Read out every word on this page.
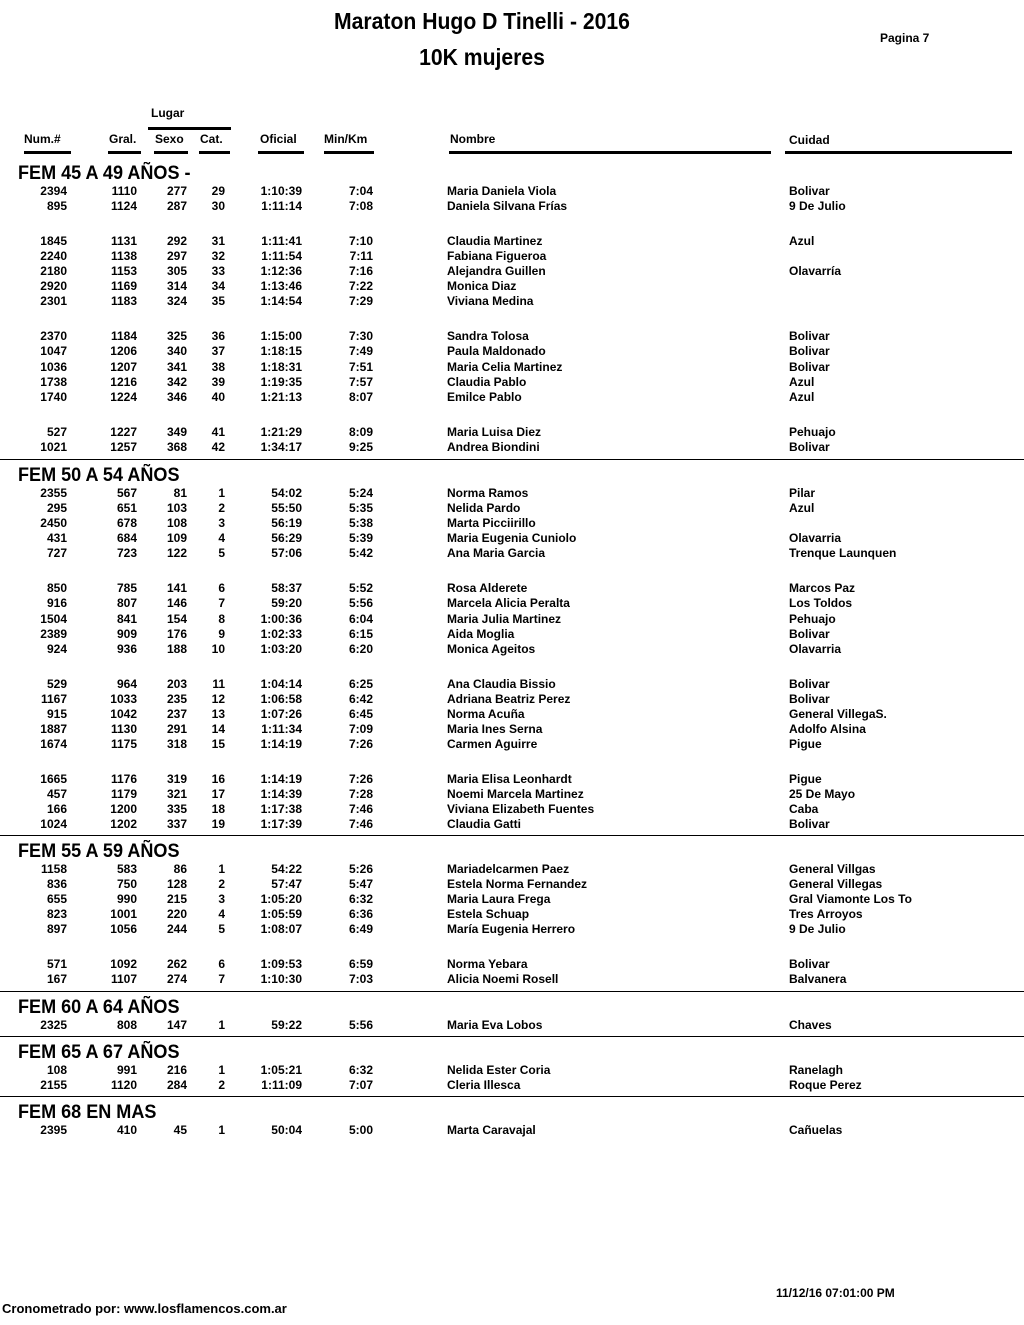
Maraton Hugo D Tinelli - 2016
10K mujeres
Pagina 7
Lugar
Num.#	Gral. Sexo Cat.	Oficial Min/Km	Nombre	Cuidad
FEM 45 A 49 AÑOS -
2394	1110	277	29	1:10:39	7:04	Maria Daniela Viola	Bolivar
895	1124	287	30	1:11:14	7:08	Daniela Silvana Frías	9 De Julio
1845	1131	292	31	1:11:41	7:10	Claudia Martinez	Azul
2240	1138	297	32	1:11:54	7:11	Fabiana Figueroa
2180	1153	305	33	1:12:36	7:16	Alejandra Guillen	Olavarría
2920	1169	314	34	1:13:46	7:22	Monica Diaz
2301	1183	324	35	1:14:54	7:29	Viviana Medina
2370	1184	325	36	1:15:00	7:30	Sandra Tolosa	Bolivar
1047	1206	340	37	1:18:15	7:49	Paula Maldonado	Bolivar
1036	1207	341	38	1:18:31	7:51	Maria Celia Martinez	Bolivar
1738	1216	342	39	1:19:35	7:57	Claudia Pablo	Azul
1740	1224	346	40	1:21:13	8:07	Emilce Pablo	Azul
527	1227	349	41	1:21:29	8:09	Maria Luisa Diez	Pehuajo
1021	1257	368	42	1:34:17	9:25	Andrea Biondini	Bolivar
FEM 50 A 54 AÑOS
2355	567	81	1	54:02	5:24	Norma Ramos	Pilar
295	651	103	2	55:50	5:35	Nelida Pardo	Azul
2450	678	108	3	56:19	5:38	Marta Picciirillo
431	684	109	4	56:29	5:39	Maria Eugenia Cuniolo	Olavarria
727	723	122	5	57:06	5:42	Ana Maria Garcia	Trenque Launquen
850	785	141	6	58:37	5:52	Rosa Alderete	Marcos Paz
916	807	146	7	59:20	5:56	Marcela Alicia Peralta	Los Toldos
1504	841	154	8	1:00:36	6:04	Maria Julia Martinez	Pehuajo
2389	909	176	9	1:02:33	6:15	Aida Moglia	Bolivar
924	936	188	10	1:03:20	6:20	Monica Ageitos	Olavarria
529	964	203	11	1:04:14	6:25	Ana Claudia Bissio	Bolivar
1167	1033	235	12	1:06:58	6:42	Adriana Beatriz Perez	Bolivar
915	1042	237	13	1:07:26	6:45	Norma Acuña	General VillegaS.
1887	1130	291	14	1:11:34	7:09	Maria Ines Serna	Adolfo Alsina
1674	1175	318	15	1:14:19	7:26	Carmen Aguirre	Pigue
1665	1176	319	16	1:14:19	7:26	Maria Elisa Leonhardt	Pigue
457	1179	321	17	1:14:39	7:28	Noemi Marcela Martinez	25 De Mayo
166	1200	335	18	1:17:38	7:46	Viviana Elizabeth Fuentes	Caba
1024	1202	337	19	1:17:39	7:46	Claudia Gatti	Bolivar
FEM 55 A 59 AÑOS
1158	583	86	1	54:22	5:26	Mariadelcarmen Paez	General Villgas
836	750	128	2	57:47	5:47	Estela Norma Fernandez	General Villegas
655	990	215	3	1:05:20	6:32	Maria Laura Frega	Gral Viamonte Los To
823	1001	220	4	1:05:59	6:36	Estela Schuap	Tres Arroyos
897	1056	244	5	1:08:07	6:49	María Eugenia Herrero	9 De Julio
571	1092	262	6	1:09:53	6:59	Norma Yebara	Bolivar
167	1107	274	7	1:10:30	7:03	Alicia Noemi Rosell	Balvanera
FEM 60 A 64 AÑOS
2325	808	147	1	59:22	5:56	Maria Eva Lobos	Chaves
FEM 65 A 67 AÑOS
108	991	216	1	1:05:21	6:32	Nelida Ester Coria	Ranelagh
2155	1120	284	2	1:11:09	7:07	Cleria Illesca	Roque Perez
FEM 68 EN MAS
2395	410	45	1	50:04	5:00	Marta Caravajal	Cañuelas
Cronometrado por: www.losflamencos.com.ar
11/12/16 07:01:00 PM
